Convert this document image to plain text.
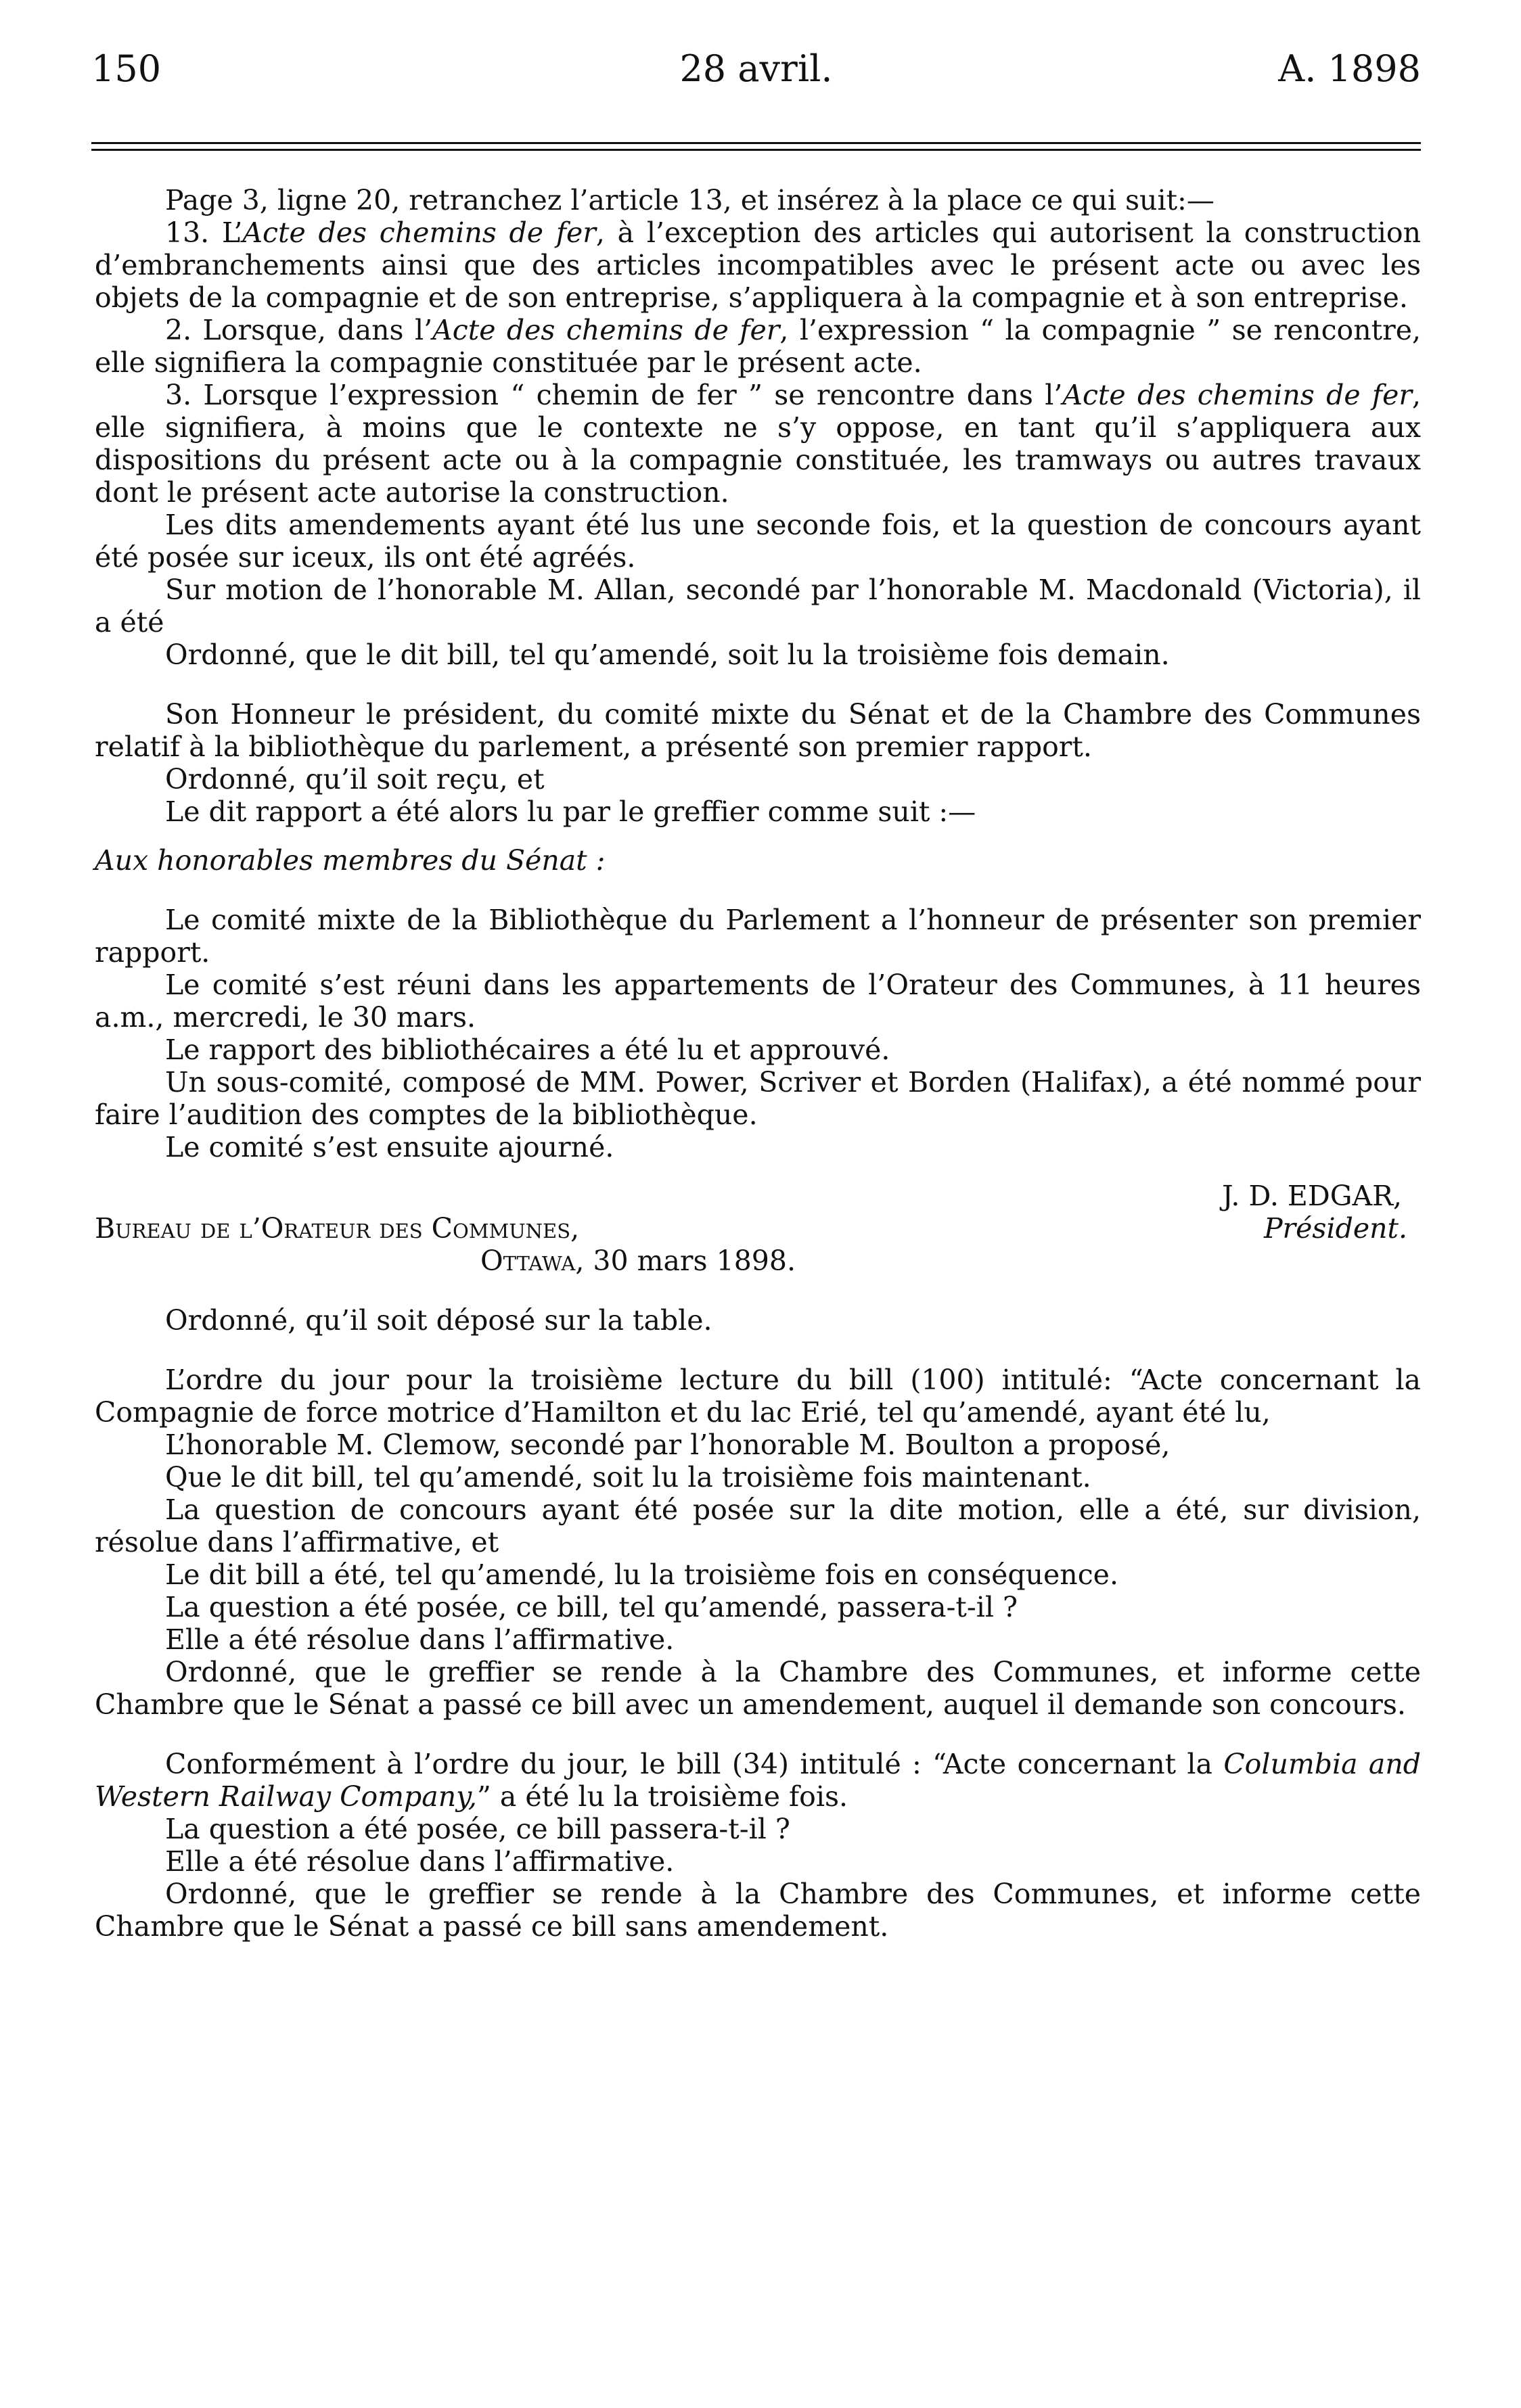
150	28 avril.	A. 1898

Page 3, ligne 20, retranchez l’article 13, et insérez à la place ce qui suit:—

13. L’Acte des chemins de fer, à l’exception des articles qui autorisent la construction d’embranchements ainsi que des articles incompatibles avec le présent acte ou avec les objets de la compagnie et de son entreprise, s’appliquera à la compagnie et à son entreprise.

2. Lorsque, dans l’Acte des chemins de fer, l’expression “ la compagnie ” se rencontre, elle signifiera la compagnie constituée par le présent acte.

3. Lorsque l’expression “ chemin de fer ” se rencontre dans l’Acte des chemins de fer, elle signifiera, à moins que le contexte ne s’y oppose, en tant qu’il s’appliquera aux dispositions du présent acte ou à la compagnie constituée, les tramways ou autres travaux dont le présent acte autorise la construction.

Les dits amendements ayant été lus une seconde fois, et la question de concours ayant été posée sur iceux, ils ont été agréés.

Sur motion de l’honorable M. Allan, secondé par l’honorable M. Macdonald (Victoria), il a été

Ordonné, que le dit bill, tel qu’amendé, soit lu la troisième fois demain.

Son Honneur le président, du comité mixte du Sénat et de la Chambre des Communes relatif à la bibliothèque du parlement, a présenté son premier rapport.

Ordonné, qu’il soit reçu, et

Le dit rapport a été alors lu par le greffier comme suit :—

Aux honorables membres du Sénat :

Le comité mixte de la Bibliothèque du Parlement a l’honneur de présenter son premier rapport.

Le comité s’est réuni dans les appartements de l’Orateur des Communes, à 11 heures a.m., mercredi, le 30 mars.

Le rapport des bibliothécaires a été lu et approuvé.

Un sous-comité, composé de MM. Power, Scriver et Borden (Halifax), a été nommé pour faire l’audition des comptes de la bibliothèque.

Le comité s’est ensuite ajourné.

J. D. EDGAR,
Bureau de l’Orateur des Communes,	Président.

Ottawa, 30 mars 1898.

Ordonné, qu’il soit déposé sur la table.

L’ordre du jour pour la troisième lecture du bill (100) intitulé: “Acte concernant la Compagnie de force motrice d’Hamilton et du lac Erié, tel qu’amendé, ayant été lu,

L’honorable M. Clemow, secondé par l’honorable M. Boulton a proposé,

Que le dit bill, tel qu’amendé, soit lu la troisième fois maintenant.

La question de concours ayant été posée sur la dite motion, elle a été, sur division, résolue dans l’affirmative, et

Le dit bill a été, tel qu’amendé, lu la troisième fois en conséquence.

La question a été posée, ce bill, tel qu’amendé, passera-t-il ?

Elle a été résolue dans l’affirmative.

Ordonné, que le greffier se rende à la Chambre des Communes, et informe cette Chambre que le Sénat a passé ce bill avec un amendement, auquel il demande son concours.

Conformément à l’ordre du jour, le bill (34) intitulé : “Acte concernant la Columbia and Western Railway Company,” a été lu la troisième fois.

La question a été posée, ce bill passera-t-il ?

Elle a été résolue dans l’affirmative.

Ordonné, que le greffier se rende à la Chambre des Communes, et informe cette Chambre que le Sénat a passé ce bill sans amendement.
